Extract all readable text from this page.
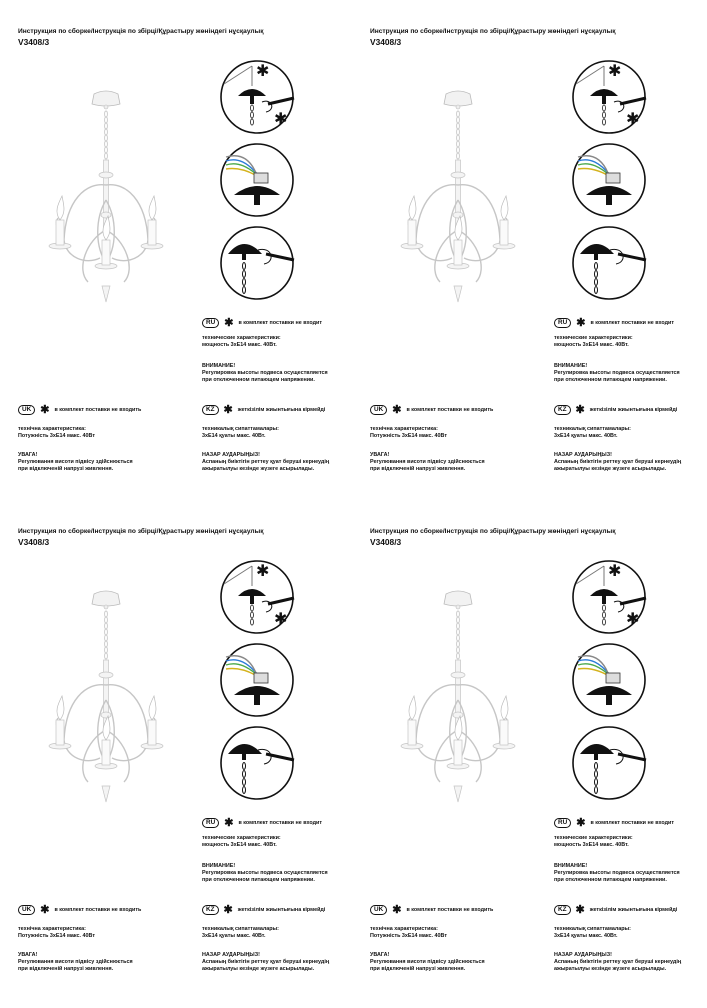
Инструкция по сборке/Інструкція по збірці/Құрастыру жөніндегі нұсқаулық
V3408/3
✱
✱
RU ✱ в комплект поставки не входит
технические характеристики:
мощность 3xE14 макс. 40Вт.
ВНИМАНИЕ!
Регулировка высоты подвеса осуществляется
при отключенном питающем напряжении.
UK ✱ в комплект поставки не входить
технічна характеристика:
Потужність 3xE14 макс. 40Вт
УВАГА!
Регулювання висоти підвісу здійснюється
при відключеній напрузі живлення.
KZ ✱ жеткізілім жиынтығына кірмейді
техникалық сипаттамалары:
3xE14 қуаты макс. 40Вт.
НАЗАР АУДАРЫҢЫЗ!
Аспаның биіктігін реттеу қуат беруші кернеудің
ажыратылуы кезінде жүзеге асырылады.
Инструкция по сборке/Інструкція по збірці/Құрастыру жөніндегі нұсқаулық
V3408/3
✱
✱
RU ✱ в комплект поставки не входит
технические характеристики:
мощность 3xE14 макс. 40Вт.
ВНИМАНИЕ!
Регулировка высоты подвеса осуществляется
при отключенном питающем напряжении.
UK ✱ в комплект поставки не входить
технічна характеристика:
Потужність 3xE14 макс. 40Вт
УВАГА!
Регулювання висоти підвісу здійснюється
при відключеній напрузі живлення.
KZ ✱ жеткізілім жиынтығына кірмейді
техникалық сипаттамалары:
3xE14 қуаты макс. 40Вт.
НАЗАР АУДАРЫҢЫЗ!
Аспаның биіктігін реттеу қуат беруші кернеудің
ажыратылуы кезінде жүзеге асырылады.
Инструкция по сборке/Інструкція по збірці/Құрастыру жөніндегі нұсқаулық
V3408/3
✱
✱
RU ✱ в комплект поставки не входит
технические характеристики:
мощность 3xE14 макс. 40Вт.
ВНИМАНИЕ!
Регулировка высоты подвеса осуществляется
при отключенном питающем напряжении.
UK ✱ в комплект поставки не входить
технічна характеристика:
Потужність 3xE14 макс. 40Вт
УВАГА!
Регулювання висоти підвісу здійснюється
при відключеній напрузі живлення.
KZ ✱ жеткізілім жиынтығына кірмейді
техникалық сипаттамалары:
3xE14 қуаты макс. 40Вт.
НАЗАР АУДАРЫҢЫЗ!
Аспаның биіктігін реттеу қуат беруші кернеудің
ажыратылуы кезінде жүзеге асырылады.
Инструкция по сборке/Інструкція по збірці/Құрастыру жөніндегі нұсқаулық
V3408/3
✱
✱
RU ✱ в комплект поставки не входит
технические характеристики:
мощность 3xE14 макс. 40Вт.
ВНИМАНИЕ!
Регулировка высоты подвеса осуществляется
при отключенном питающем напряжении.
UK ✱ в комплект поставки не входить
технічна характеристика:
Потужність 3xE14 макс. 40Вт
УВАГА!
Регулювання висоти підвісу здійснюється
при відключеній напрузі живлення.
KZ ✱ жеткізілім жиынтығына кірмейді
техникалық сипаттамалары:
3xE14 қуаты макс. 40Вт.
НАЗАР АУДАРЫҢЫЗ!
Аспаның биіктігін реттеу қуат беруші кернеудің
ажыратылуы кезінде жүзеге асырылады.
